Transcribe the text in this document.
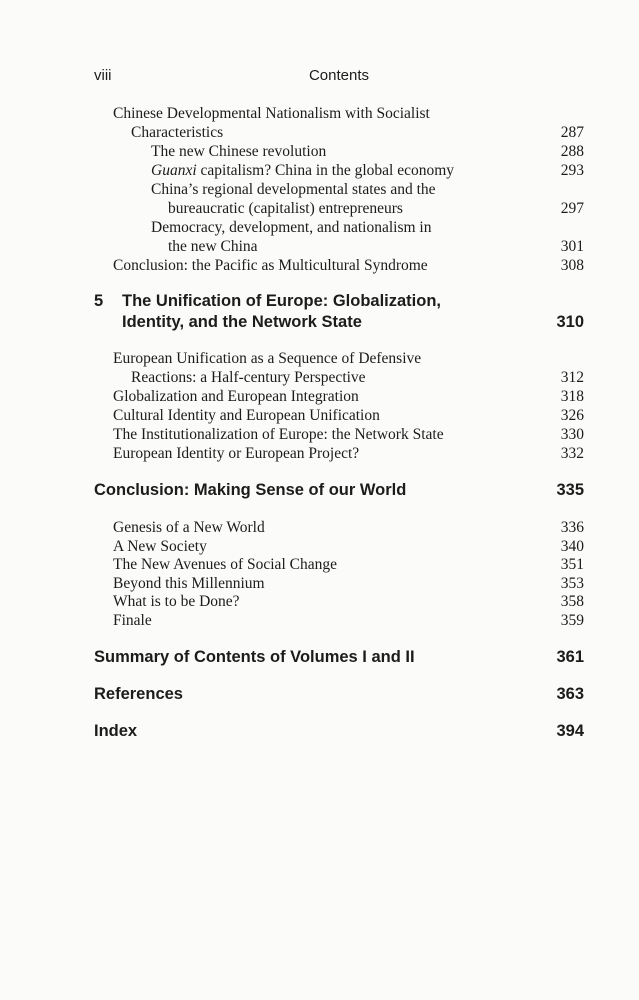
viii	Contents
Chinese Developmental Nationalism with Socialist
Characteristics	287
The new Chinese revolution	288
Guanxi capitalism? China in the global economy	293
China’s regional developmental states and the
bureaucratic (capitalist) entrepreneurs	297
Democracy, development, and nationalism in
the new China	301
Conclusion: the Pacific as Multicultural Syndrome	308
5 The Unification of Europe: Globalization,
Identity, and the Network State	310
European Unification as a Sequence of Defensive
Reactions: a Half-century Perspective	312
Globalization and European Integration	318
Cultural Identity and European Unification	326
The Institutionalization of Europe: the Network State	330
European Identity or European Project?	332
Conclusion: Making Sense of our World	335
Genesis of a New World	336
A New Society	340
The New Avenues of Social Change	351
Beyond this Millennium	353
What is to be Done?	358
Finale	359
Summary of Contents of Volumes I and II	361
References	363
Index	394
